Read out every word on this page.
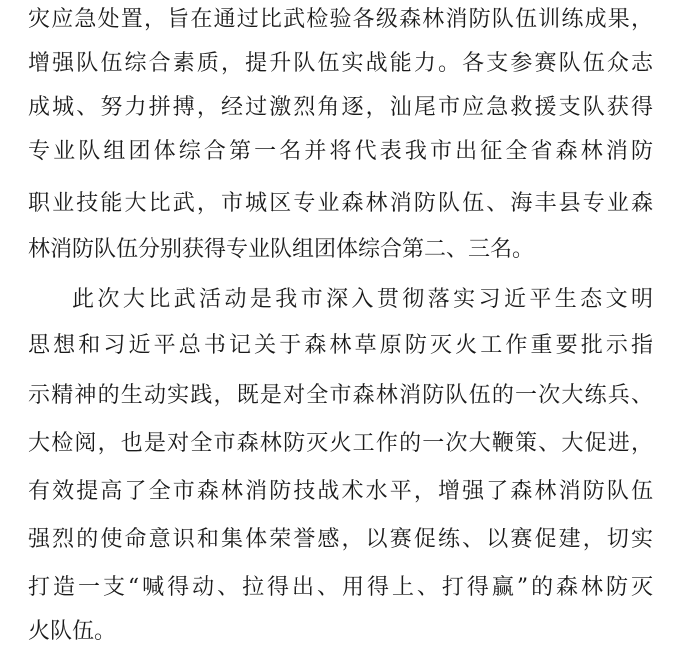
灾应急处置，旨在通过比武检验各级森林消防队伍训练成果，
增强队伍综合素质，提升队伍实战能力。各支参赛队伍众志
成城、努力拼搏，经过激烈角逐，汕尾市应急救援支队获得
专业队组团体综合第一名并将代表我市出征全省森林消防
职业技能大比武，市城区专业森林消防队伍、海丰县专业森
林消防队伍分别获得专业队组团体综合第二、三名。
此次大比武活动是我市深入贯彻落实习近平生态文明
思想和习近平总书记关于森林草原防灭火工作重要批示指
示精神的生动实践，既是对全市森林消防队伍的一次大练兵、
大检阅，也是对全市森林防灭火工作的一次大鞭策、大促进，
有效提高了全市森林消防技战术水平，增强了森林消防队伍
强烈的使命意识和集体荣誉感，以赛促练、以赛促建，切实
打造一支“喊得动、拉得出、用得上、打得赢”的森林防灭
火队伍。
